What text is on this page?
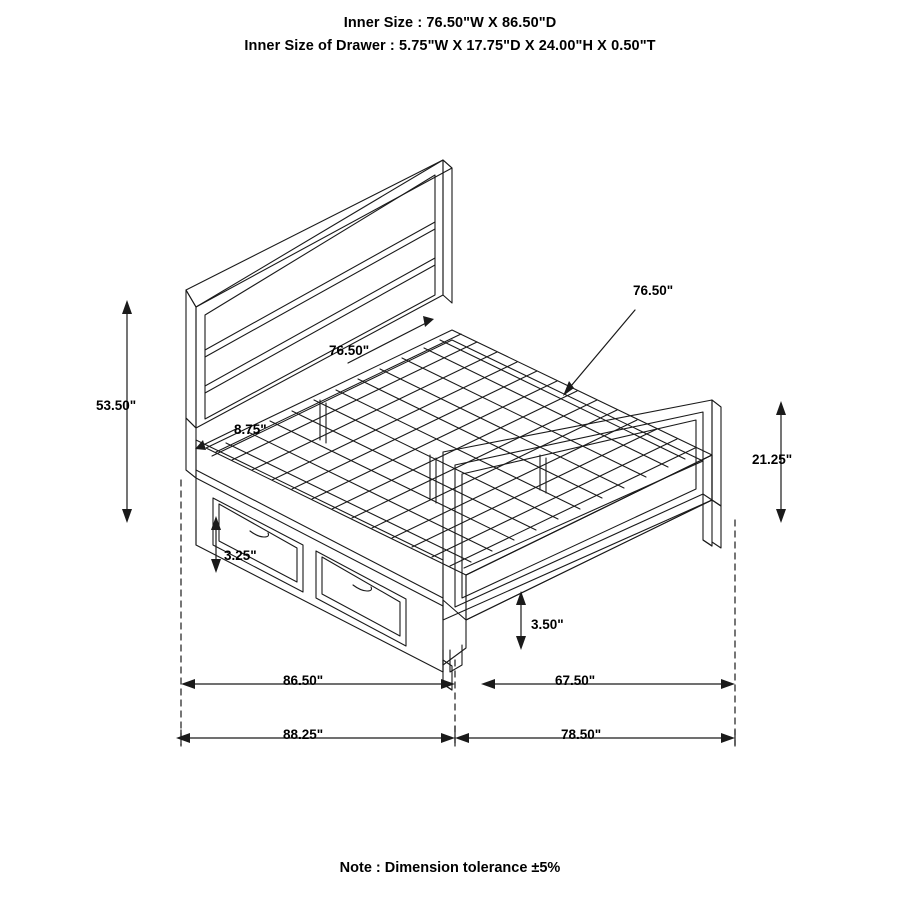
Inner Size : 76.50"W X 86.50"D
Inner Size of Drawer : 5.75"W X 17.75"D X 24.00"H X 0.50"T
53.50"
21.25"
76.50"
76.50"
8.75"
3.25"
3.50"
86.50"	67.50"
88.25"	78.50"
Note : Dimension tolerance ±5%
